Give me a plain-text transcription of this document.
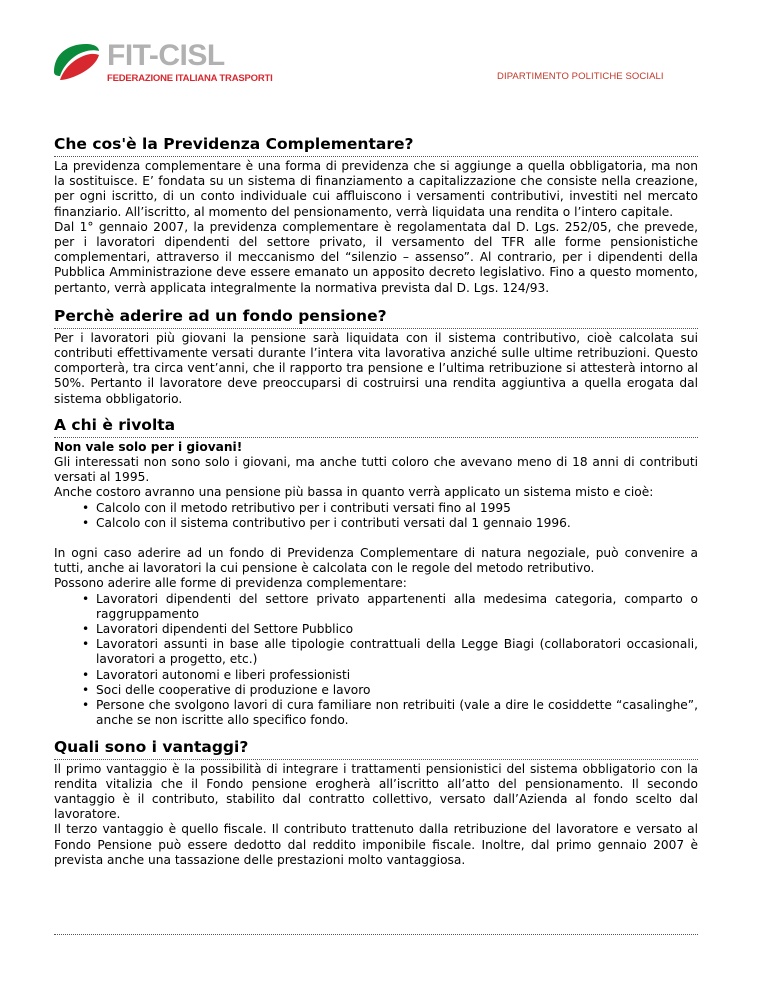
FIT-CISL
FEDERAZIONE ITALIANA TRASPORTI	DIPARTIMENTO POLITICHE SOCIALI
Che cos'è la Previdenza Complementare?

La previdenza complementare è una forma di previdenza che si aggiunge a quella obbligatoria, ma non la sostituisce. E’ fondata su un sistema di finanziamento a capitalizzazione che consiste nella creazione, per ogni iscritto, di un conto individuale cui affluiscono i versamenti contributivi, investiti nel mercato finanziario. All’iscritto, al momento del pensionamento, verrà liquidata una rendita o l’intero capitale.

Dal 1° gennaio 2007, la previdenza complementare è regolamentata dal D. Lgs. 252/05, che prevede, per i lavoratori dipendenti del settore privato, il versamento del TFR alle forme pensionistiche complementari, attraverso il meccanismo del “silenzio – assenso”. Al contrario, per i dipendenti della Pubblica Amministrazione deve essere emanato un apposito decreto legislativo. Fino a questo momento, pertanto, verrà applicata integralmente la normativa prevista dal D. Lgs. 124/93.

Perchè aderire ad un fondo pensione?

Per i lavoratori più giovani la pensione sarà liquidata con il sistema contributivo, cioè calcolata sui contributi effettivamente versati durante l’intera vita lavorativa anziché sulle ultime retribuzioni. Questo comporterà, tra circa vent’anni, che il rapporto tra pensione e l’ultima retribuzione si attesterà intorno al 50%. Pertanto il lavoratore deve preoccuparsi di costruirsi una rendita aggiuntiva a quella erogata dal sistema obbligatorio.

A chi è rivolta

Non vale solo per i giovani!

Gli interessati non sono solo i giovani, ma anche tutti coloro che avevano meno di 18 anni di contributi versati al 1995.

Anche costoro avranno una pensione più bassa in quanto verrà applicato un sistema misto e cioè:

• Calcolo con il metodo retributivo per i contributi versati fino al 1995
• Calcolo con il sistema contributivo per i contributi versati dal 1 gennaio 1996.

In ogni caso aderire ad un fondo di Previdenza Complementare di natura negoziale, può convenire a tutti, anche ai lavoratori la cui pensione è calcolata con le regole del metodo retributivo.

Possono aderire alle forme di previdenza complementare:

• Lavoratori dipendenti del settore privato appartenenti alla medesima categoria, comparto o raggruppamento
• Lavoratori dipendenti del Settore Pubblico
• Lavoratori assunti in base alle tipologie contrattuali della Legge Biagi (collaboratori occasionali, lavoratori a progetto, etc.)
• Lavoratori autonomi e liberi professionisti
• Soci delle cooperative di produzione e lavoro
• Persone che svolgono lavori di cura familiare non retribuiti (vale a dire le cosiddette “casalinghe”, anche se non iscritte allo specifico fondo.
Quali sono i vantaggi?

Il primo vantaggio è la possibilità di integrare i trattamenti pensionistici del sistema obbligatorio con la rendita vitalizia che il Fondo pensione erogherà all’iscritto all’atto del pensionamento. Il secondo vantaggio è il contributo, stabilito dal contratto collettivo, versato dall’Azienda al fondo scelto dal lavoratore.

Il terzo vantaggio è quello fiscale. Il contributo trattenuto dalla retribuzione del lavoratore e versato al Fondo Pensione può essere dedotto dal reddito imponibile fiscale. Inoltre, dal primo gennaio 2007 è prevista anche una tassazione delle prestazioni molto vantaggiosa.
